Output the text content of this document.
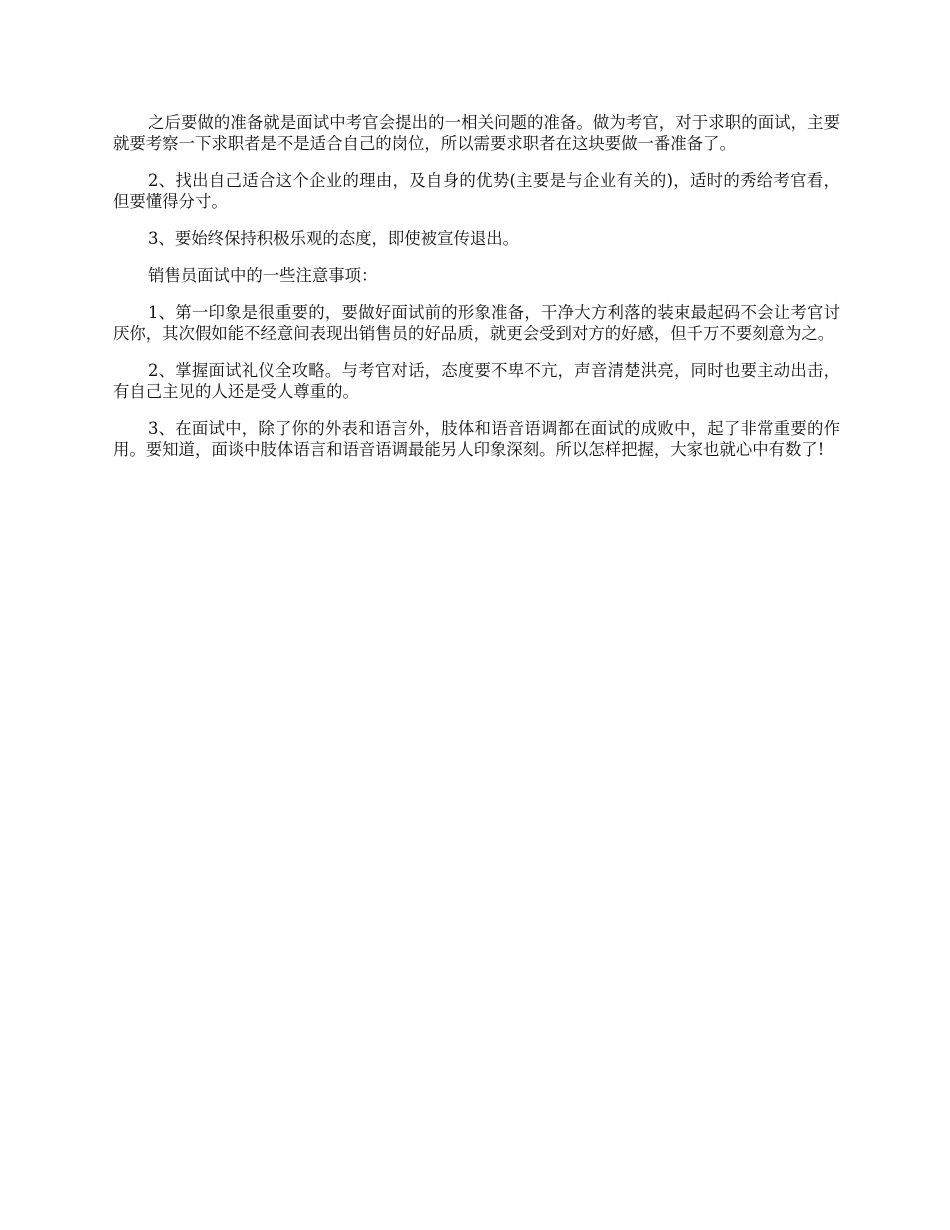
之后要做的准备就是面试中考官会提出的一相关问题的准备。做为考官，对于求职的面试，主要就要考察一下求职者是不是适合自己的岗位，所以需要求职者在这块要做一番准备了。

2、找出自己适合这个企业的理由，及自身的优势(主要是与企业有关的)，适时的秀给考官看，但要懂得分寸。

3、要始终保持积极乐观的态度，即使被宣传退出。

销售员面试中的一些注意事项：

1、第一印象是很重要的，要做好面试前的形象准备，干净大方利落的装束最起码不会让考官讨厌你，其次假如能不经意间表现出销售员的好品质，就更会受到对方的好感，但千万不要刻意为之。

2、掌握面试礼仪全攻略。与考官对话，态度要不卑不亢，声音清楚洪亮，同时也要主动出击，有自己主见的人还是受人尊重的。

3、在面试中，除了你的外表和语言外，肢体和语音语调都在面试的成败中，起了非常重要的作用。要知道，面谈中肢体语言和语音语调最能另人印象深刻。所以怎样把握，大家也就心中有数了!
